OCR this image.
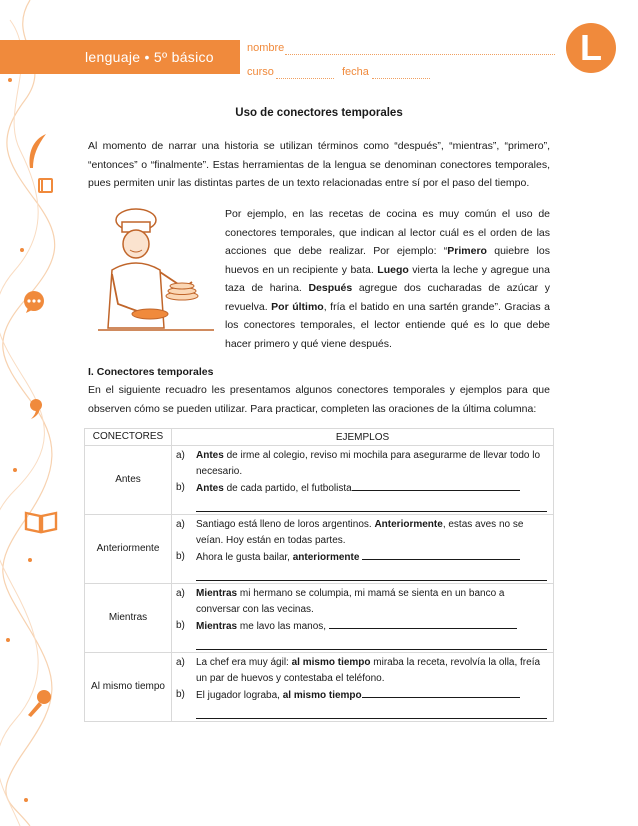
lenguaje • 5º básico
nombre
curso	fecha
L
Uso de conectores temporales

Al momento de narrar una historia se utilizan términos como “después”, “mientras”, “primero”, “entonces” o “finalmente”. Estas herramientas de la lengua se denominan conectores temporales, pues permiten unir las distintas partes de un texto relacionadas entre sí por el paso del tiempo.

Por ejemplo, en las recetas de cocina es muy común el uso de conectores temporales, que indican al lector cuál es el orden de las acciones que debe realizar. Por ejemplo: “Primero quiebre los huevos en un recipiente y bata. Luego vierta la leche y agregue una taza de harina. Después agregue dos cucharadas de azúcar y revuelva. Por último, fría el batido en una sartén grande”. Gracias a los conectores temporales, el lector entiende qué es lo que debe hacer primero y qué viene después.

I. Conectores temporales

En el siguiente recuadro les presentamos algunos conectores temporales y ejemplos para que observen cómo se pueden utilizar. Para practicar, completen las oraciones de la última columna:

CONECTORES	EJEMPLOS
Antes	a) Antes de irme al colegio, reviso mi mochila para asegurarme de llevar todo lo necesario.
b) Antes de cada partido, el futbolista

Anteriormente	a) Santiago está lleno de loros argentinos. Anteriormente, estas aves no se veían. Hoy están en todas partes.
b) Ahora le gusta bailar, anteriormente

Mientras	a) Mientras mi hermano se columpia, mi mamá se sienta en un banco a conversar con las vecinas.
b) Mientras me lavo las manos,

Al mismo tiempo	a) La chef era muy ágil: al mismo tiempo miraba la receta, revolvía la olla, freía un par de huevos y contestaba el teléfono.
b) El jugador lograba, al mismo tiempo
